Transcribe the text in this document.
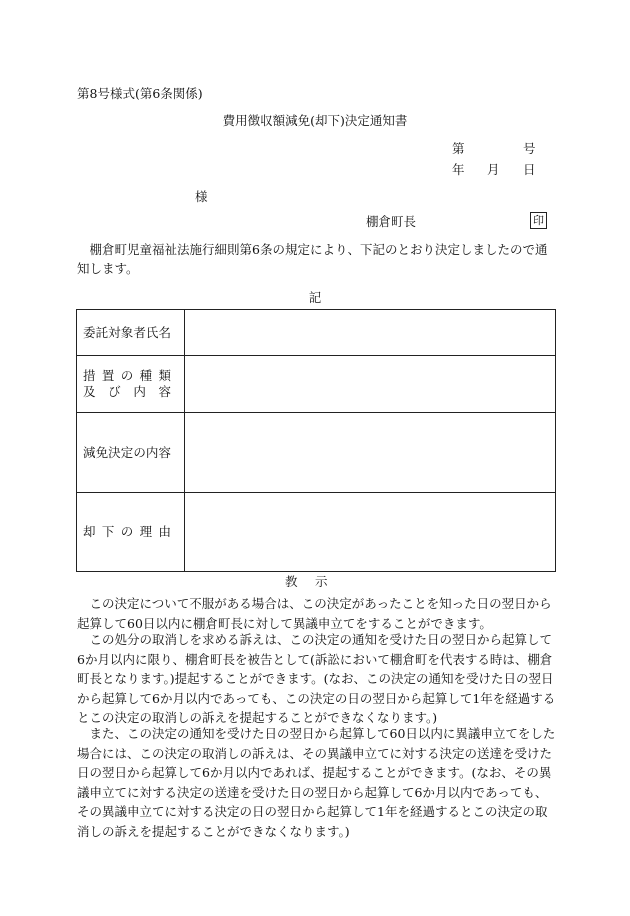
第8号様式(第6条関係)
費用徴収額減免(却下)決定通知書
第	号
年 月 日
様
棚倉町長	印

棚倉町児童福祉法施行細則第6条の規定により、下記のとおり決定しましたので通知します。

記
委託対象者氏名	

措置の種類
及び内容	

減免決定の内容	

却下の理由	

教示

この決定について不服がある場合は、この決定があったことを知った日の翌日から起算して60日以内に棚倉町長に対して異議申立てをすることができます。

この処分の取消しを求める訴えは、この決定の通知を受けた日の翌日から起算して6か月以内に限り、棚倉町長を被告として(訴訟において棚倉町を代表する時は、棚倉町長となります。)提起することができます。(なお、この決定の通知を受けた日の翌日から起算して6か月以内であっても、この決定の日の翌日から起算して1年を経過するとこの決定の取消しの訴えを提起することができなくなります。)

また、この決定の通知を受けた日の翌日から起算して60日以内に異議申立てをした場合には、この決定の取消しの訴えは、その異議申立てに対する決定の送達を受けた日の翌日から起算して6か月以内であれば、提起することができます。(なお、その異議申立てに対する決定の送達を受けた日の翌日から起算して6か月以内であっても、その異議申立てに対する決定の日の翌日から起算して1年を経過するとこの決定の取消しの訴えを提起することができなくなります。)
